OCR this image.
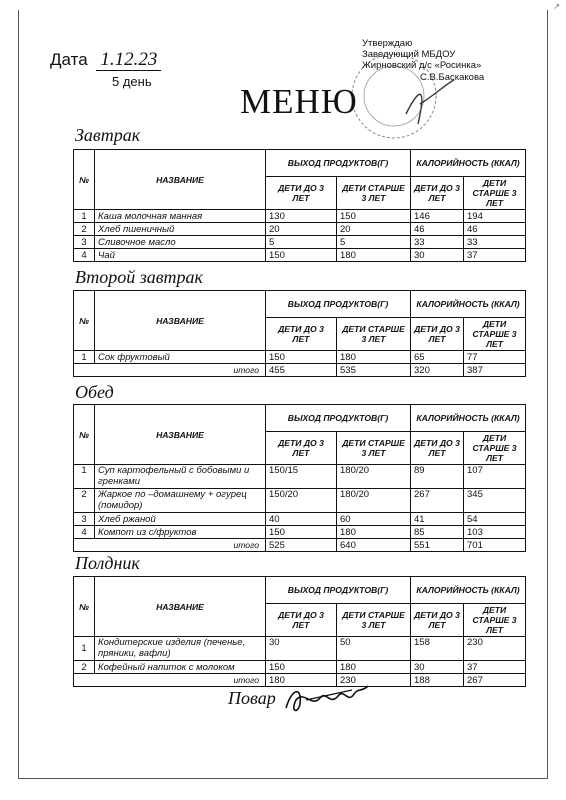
↗
Дата 1.12.23
5 день
Утверждаю
Заведующий МБДОУ
Жирновский д/с «Росинка»
С.В.Баскакова
МЕНЮ
Завтрак
№	НАЗВАНИЕ	ВЫХОД ПРОДУКТОВ(Г)		КАЛОРИЙНОСТЬ (ККАЛ)	
		ДЕТИ ДО 3 ЛЕТ	ДЕТИ СТАРШЕ 3 ЛЕТ	ДЕТИ ДО 3 ЛЕТ	ДЕТИ СТАРШЕ 3 ЛЕТ
1	Каша молочная манная	130	150	146	194
2	Хлеб пшеничный	20	20	46	46
3	Сливочное масло	5	5	33	33
4	Чай	150	180	30	37
Второй завтрак
№	НАЗВАНИЕ	ВЫХОД ПРОДУКТОВ(Г)		КАЛОРИЙНОСТЬ (ККАЛ)	
		ДЕТИ ДО 3 ЛЕТ	ДЕТИ СТАРШЕ 3 ЛЕТ	ДЕТИ ДО 3 ЛЕТ	ДЕТИ СТАРШЕ 3 ЛЕТ
1	Сок фруктовый	150	180	65	77
итого		455	535	320	387
Обед
№	НАЗВАНИЕ	ВЫХОД ПРОДУКТОВ(Г)		КАЛОРИЙНОСТЬ (ККАЛ)	
		ДЕТИ ДО 3 ЛЕТ	ДЕТИ СТАРШЕ 3 ЛЕТ	ДЕТИ ДО 3 ЛЕТ	ДЕТИ СТАРШЕ 3 ЛЕТ
1	Суп картофельный с бобовыми и гренками	150/15	180/20	89	107
2	Жаркое по –домашнему + огурец (помидор)	150/20	180/20	267	345
3	Хлеб ржаной	40	60	41	54
4	Компот из с/фруктов	150	180	85	103
итого		525	640	551	701
Полдник
№	НАЗВАНИЕ	ВЫХОД ПРОДУКТОВ(Г)		КАЛОРИЙНОСТЬ (ККАЛ)	
		ДЕТИ ДО 3 ЛЕТ	ДЕТИ СТАРШЕ 3 ЛЕТ	ДЕТИ ДО 3 ЛЕТ	ДЕТИ СТАРШЕ 3 ЛЕТ
1	Кондитерские изделия (печенье, пряники, вафли)	30	50	158	230
2	Кофейный напиток с молоком	150	180	30	37
итого		180	230	188	267
Повар
